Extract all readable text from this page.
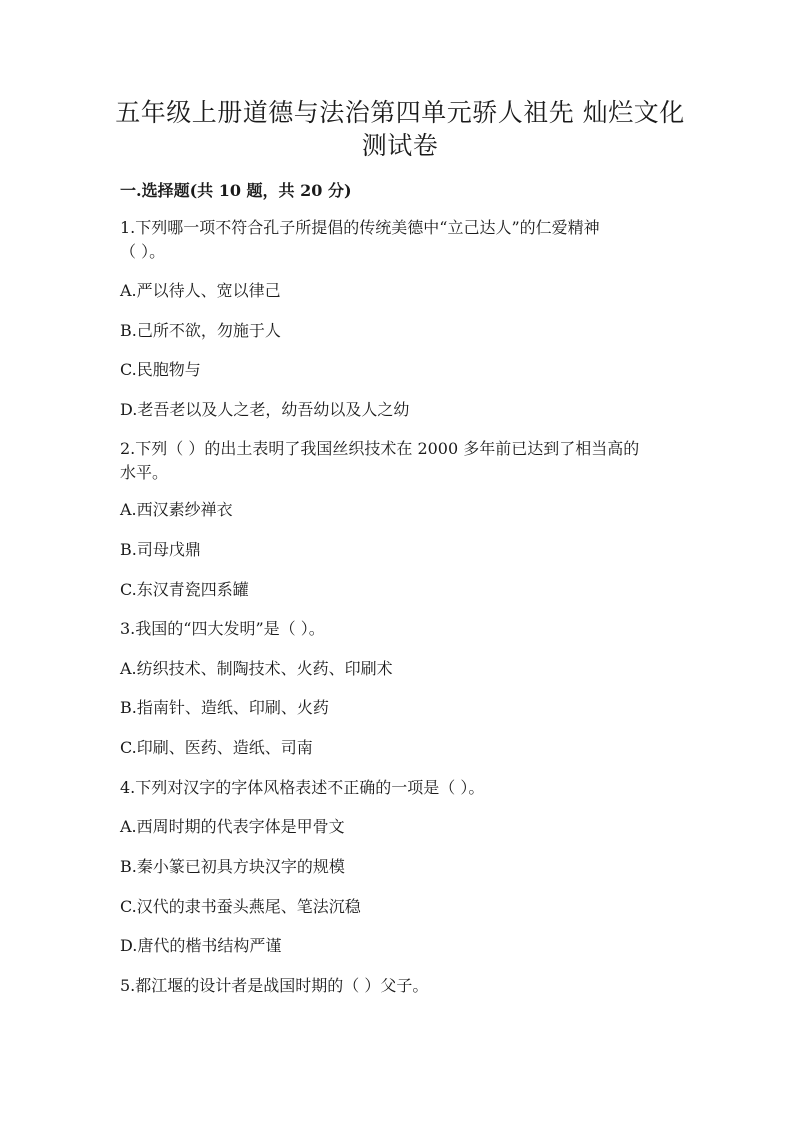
五年级上册道德与法治第四单元骄人祖先 灿烂文化
测试卷
一.选择题(共 10 题，共 20 分)
1.下列哪一项不符合孔子所提倡的传统美德中“立己达人”的仁爱精神
（ ）。
A.严以待人、宽以律己
B.己所不欲，勿施于人
C.民胞物与
D.老吾老以及人之老，幼吾幼以及人之幼
2.下列（ ）的出土表明了我国丝织技术在 2000 多年前已达到了相当高的
水平。
A.西汉素纱禅衣
B.司母戊鼎
C.东汉青瓷四系罐
3.我国的“四大发明”是（ ）。
A.纺织技术、制陶技术、火药、印刷术
B.指南针、造纸、印刷、火药
C.印刷、医药、造纸、司南
4.下列对汉字的字体风格表述不正确的一项是（ ）。
A.西周时期的代表字体是甲骨文
B.秦小篆已初具方块汉字的规模
C.汉代的隶书蚕头燕尾、笔法沉稳
D.唐代的楷书结构严谨
5.都江堰的设计者是战国时期的（ ）父子。
